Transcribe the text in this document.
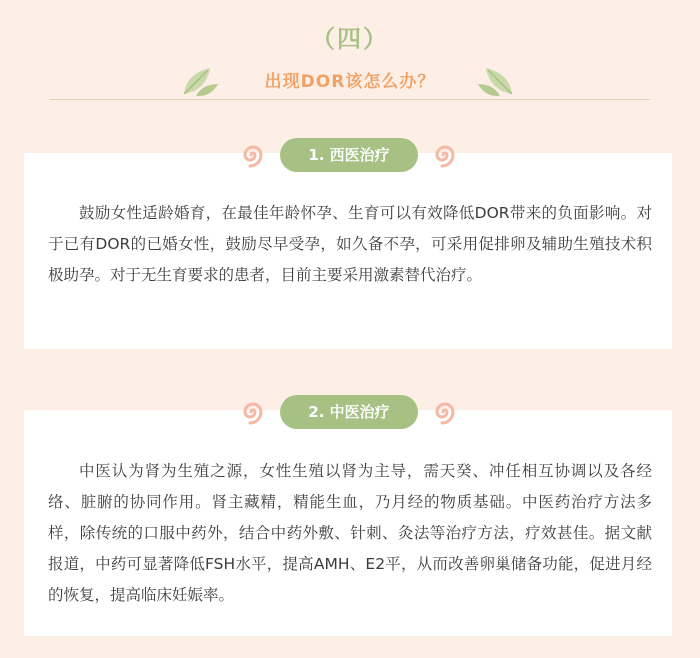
（四）
出现DOR该怎么办？
1. 西医治疗

鼓励女性适龄婚育，在最佳年龄怀孕、生育可以有效降低DOR带来的负面影响。对于已有DOR的已婚女性，鼓励尽早受孕，如久备不孕，可采用促排卵及辅助生殖技术积极助孕。对于无生育要求的患者，目前主要采用激素替代治疗。

2. 中医治疗

中医认为肾为生殖之源，女性生殖以肾为主导，需天癸、冲任相互协调以及各经络、脏腑的协同作用。肾主藏精，精能生血，乃月经的物质基础。中医药治疗方法多样，除传统的口服中药外，结合中药外敷、针刺、灸法等治疗方法，疗效甚佳。据文献报道，中药可显著降低FSH水平，提高AMH、E2平，从而改善卵巢储备功能，促进月经的恢复，提高临床妊娠率。
